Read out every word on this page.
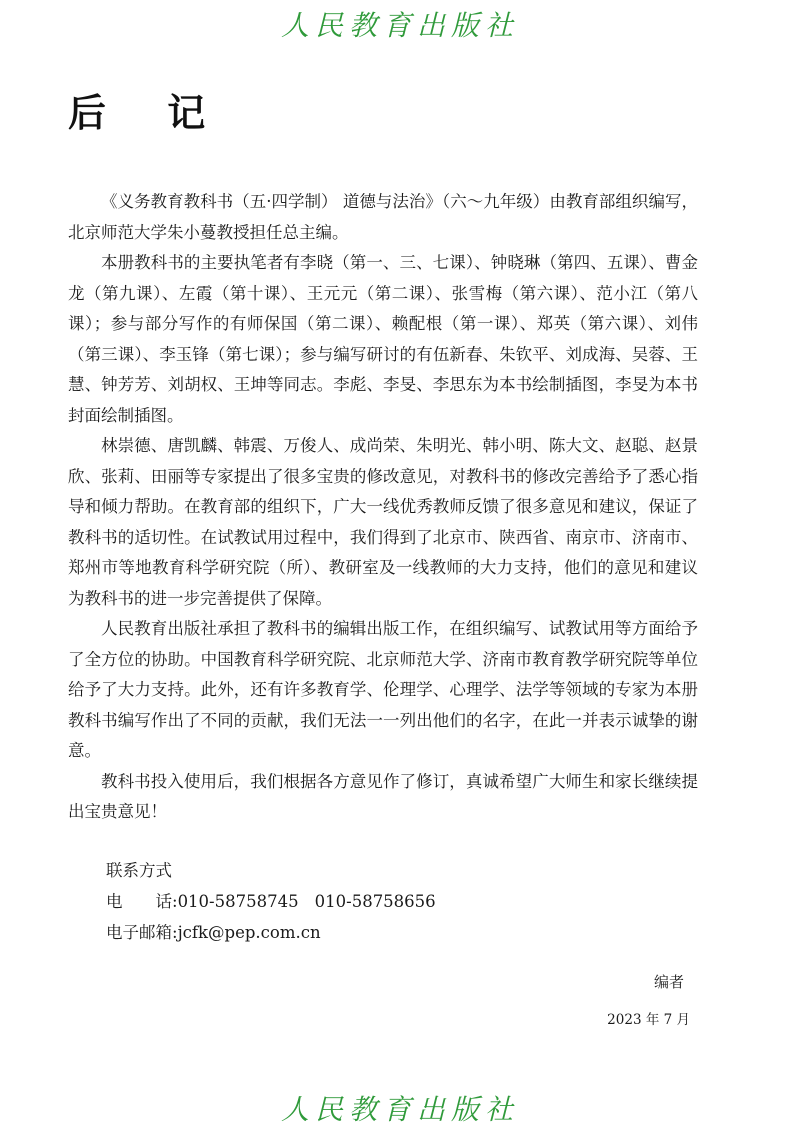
人民教育出版社
后 记

《义务教育教科书（五·四学制） 道德与法治》（六～九年级）由教育部组织编写，北京师范大学朱小蔓教授担任总主编。

本册教科书的主要执笔者有李晓（第一、三、七课）、钟晓琳（第四、五课）、曹金龙（第九课）、左霞（第十课）、王元元（第二课）、张雪梅（第六课）、范小江（第八课）；参与部分写作的有师保国（第二课）、赖配根（第一课）、郑英（第六课）、刘伟（第三课）、李玉锋（第七课）；参与编写研讨的有伍新春、朱钦平、刘成海、吴蓉、王慧、钟芳芳、刘胡权、王坤等同志。李彪、李旻、李思东为本书绘制插图，李旻为本书封面绘制插图。

林崇德、唐凯麟、韩震、万俊人、成尚荣、朱明光、韩小明、陈大文、赵聪、赵景欣、张莉、田丽等专家提出了很多宝贵的修改意见，对教科书的修改完善给予了悉心指导和倾力帮助。在教育部的组织下，广大一线优秀教师反馈了很多意见和建议，保证了教科书的适切性。在试教试用过程中，我们得到了北京市、陕西省、南京市、济南市、郑州市等地教育科学研究院（所）、教研室及一线教师的大力支持，他们的意见和建议为教科书的进一步完善提供了保障。

人民教育出版社承担了教科书的编辑出版工作，在组织编写、试教试用等方面给予了全方位的协助。中国教育科学研究院、北京师范大学、济南市教育教学研究院等单位给予了大力支持。此外，还有许多教育学、伦理学、心理学、法学等领域的专家为本册教科书编写作出了不同的贡献，我们无法一一列出他们的名字，在此一并表示诚挚的谢意。

教科书投入使用后，我们根据各方意见作了修订，真诚希望广大师生和家长继续提出宝贵意见！

联系方式
电　　话:010-58758745 010-58758656
电子邮箱:jcfk@pep.com.cn
编者
2023 年 7 月
人民教育出版社
